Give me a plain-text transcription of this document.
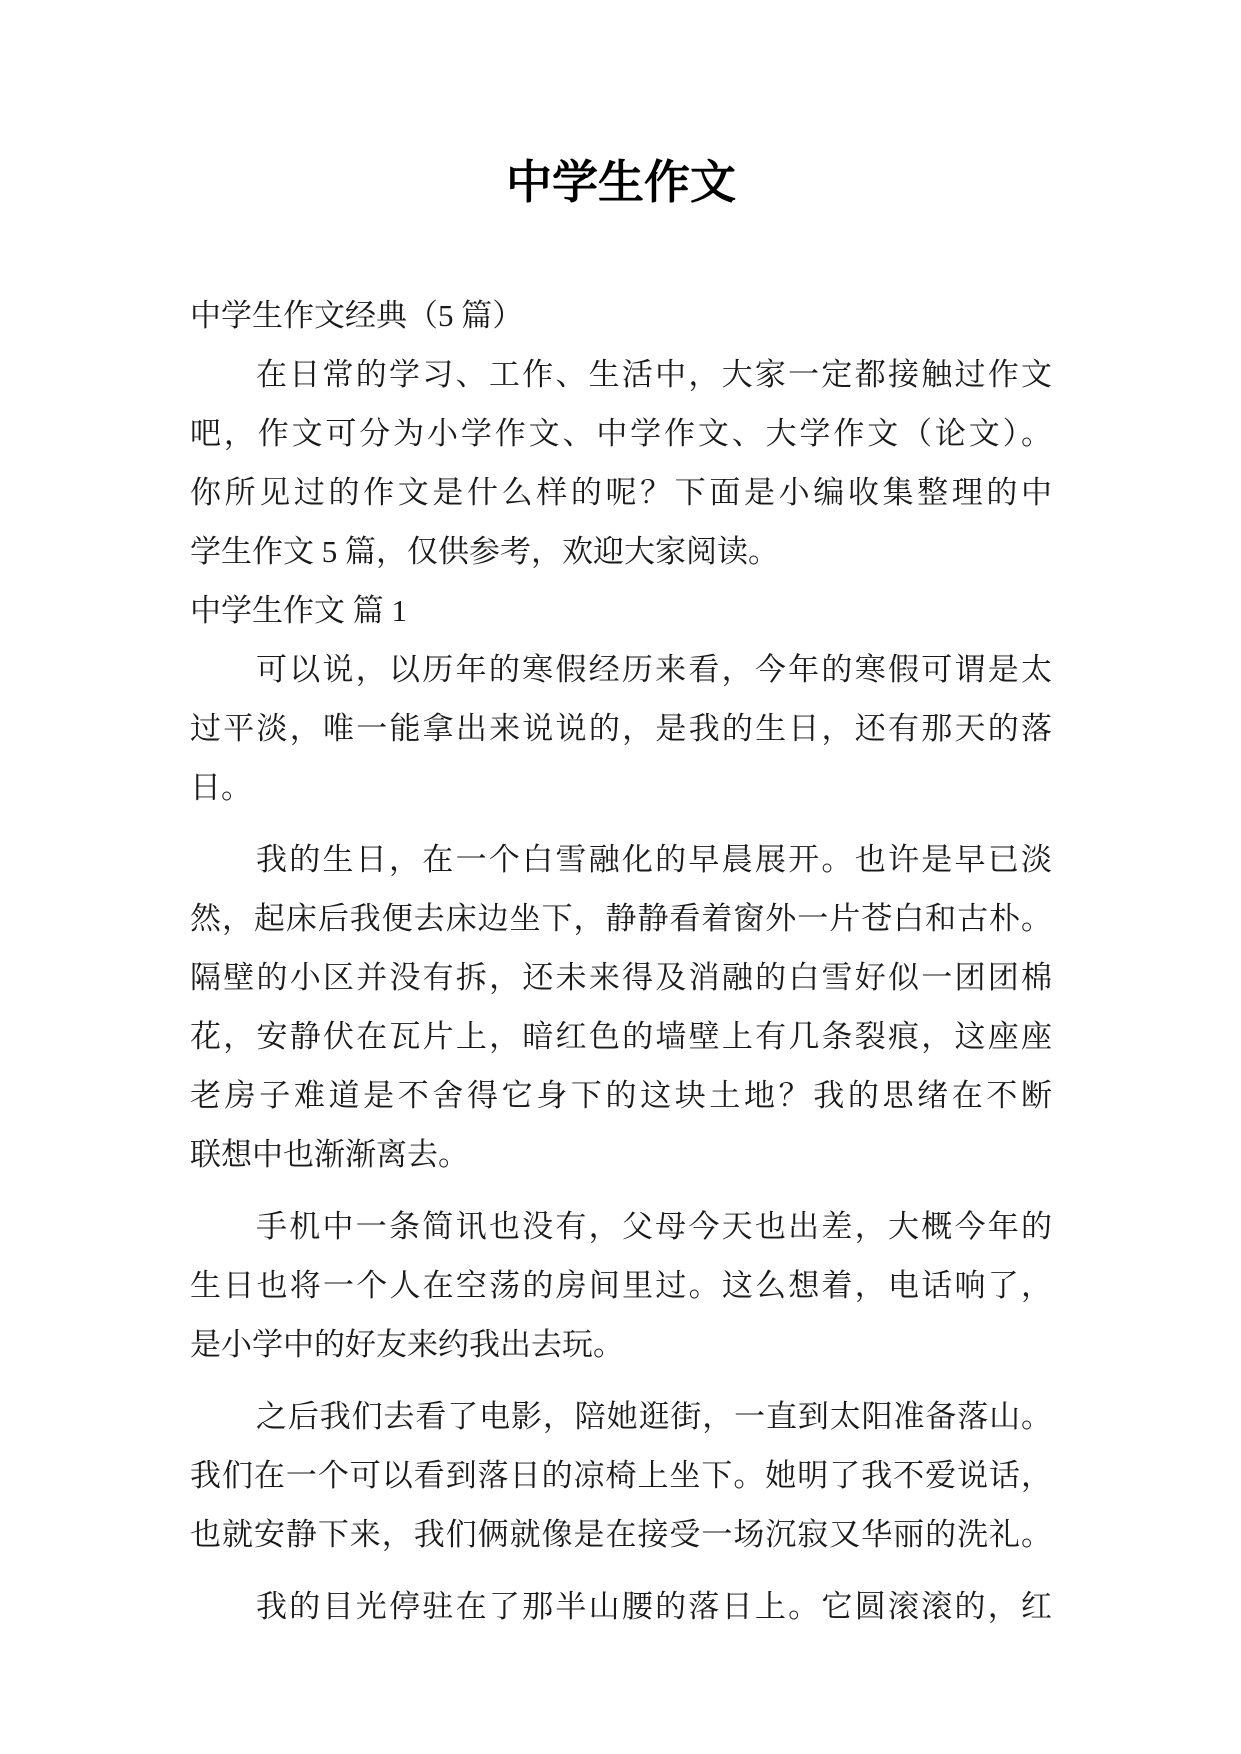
中学生作文
中学生作文经典（5 篇）
在日常的学习、工作、生活中，大家一定都接触过作文
吧，作文可分为小学作文、中学作文、大学作文（论文）。
你所见过的作文是什么样的呢？下面是小编收集整理的中
学生作文 5 篇，仅供参考，欢迎大家阅读。
中学生作文 篇 1
可以说，以历年的寒假经历来看，今年的寒假可谓是太
过平淡，唯一能拿出来说说的，是我的生日，还有那天的落
日。
我的生日，在一个白雪融化的早晨展开。也许是早已淡
然，起床后我便去床边坐下，静静看着窗外一片苍白和古朴。
隔壁的小区并没有拆，还未来得及消融的白雪好似一团团棉
花，安静伏在瓦片上，暗红色的墙壁上有几条裂痕，这座座
老房子难道是不舍得它身下的这块土地？我的思绪在不断
联想中也渐渐离去。
手机中一条简讯也没有，父母今天也出差，大概今年的
生日也将一个人在空荡的房间里过。这么想着，电话响了，
是小学中的好友来约我出去玩。
之后我们去看了电影，陪她逛街，一直到太阳准备落山。
我们在一个可以看到落日的凉椅上坐下。她明了我不爱说话，
也就安静下来，我们俩就像是在接受一场沉寂又华丽的洗礼。
我的目光停驻在了那半山腰的落日上。它圆滚滚的，红
